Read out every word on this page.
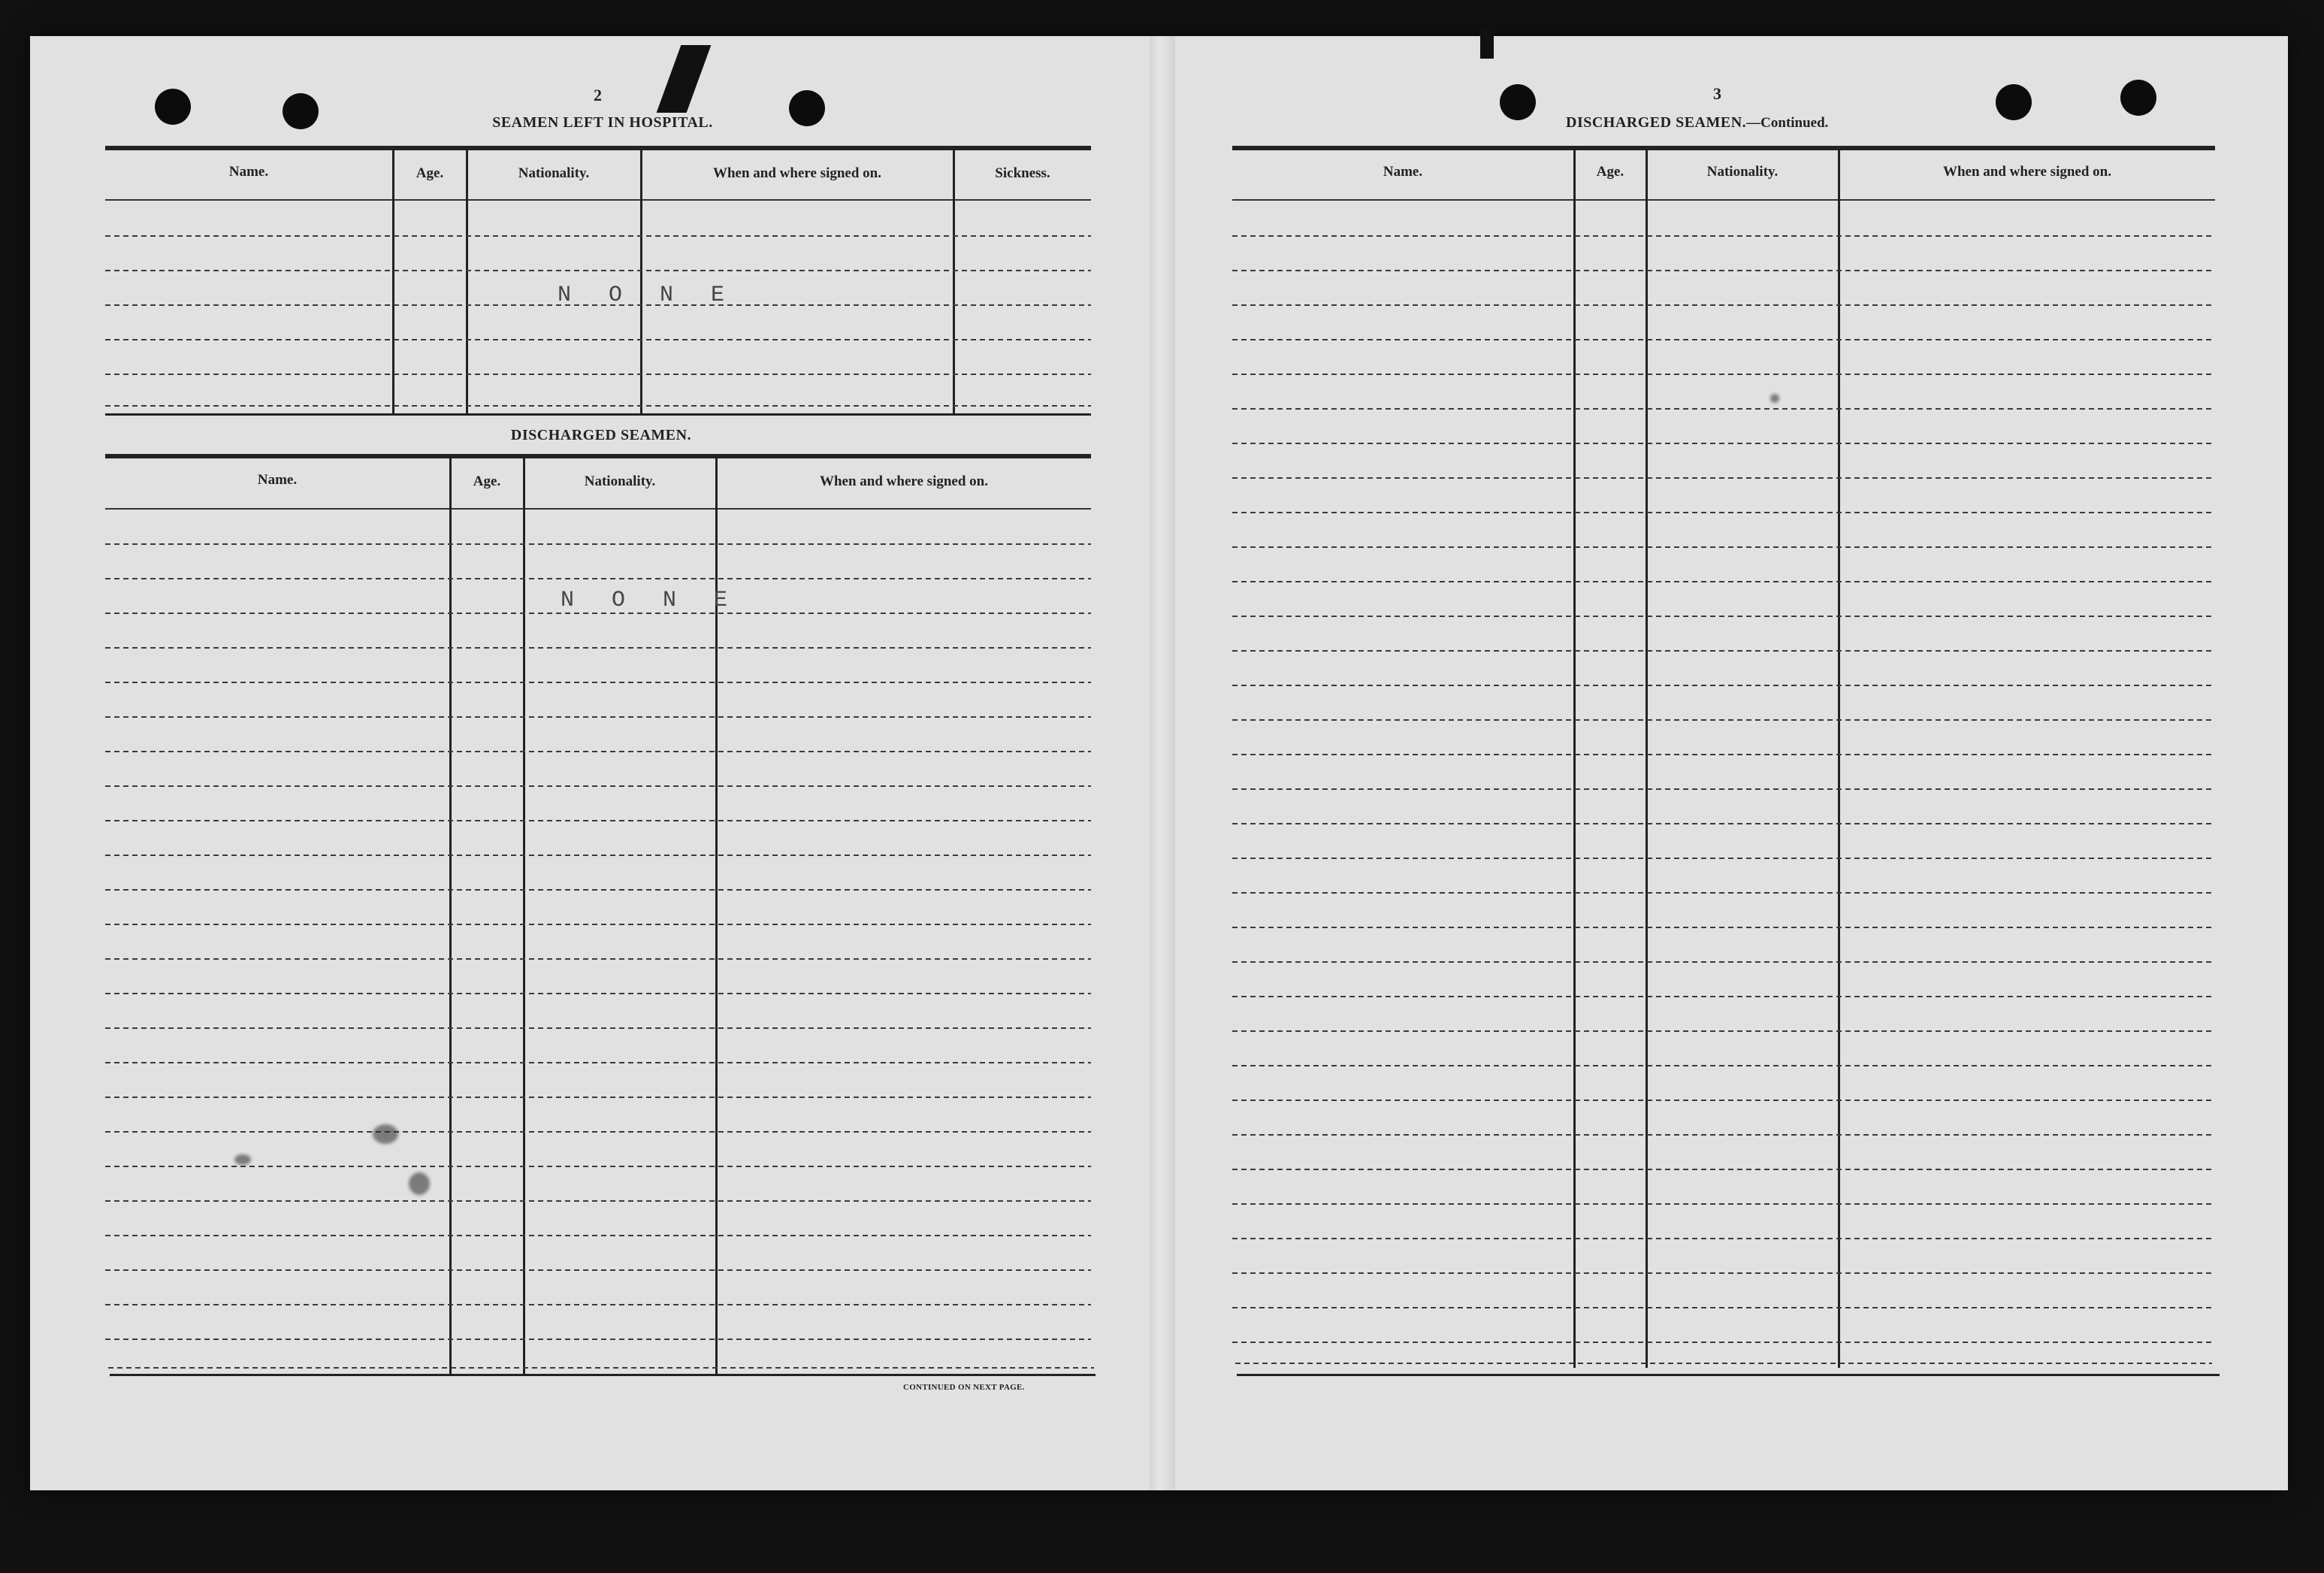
2
SEAMEN LEFT IN HOSPITAL.
Name.	Age.	Nationality.	When and where signed on.	Sickness.
N O N E
DISCHARGED SEAMEN.
Name.	Age.	Nationality.	When and where signed on.
N O N E
CONTINUED ON NEXT PAGE.
3
DISCHARGED SEAMEN.—Continued.
Name.	Age.	Nationality.	When and where signed on.
